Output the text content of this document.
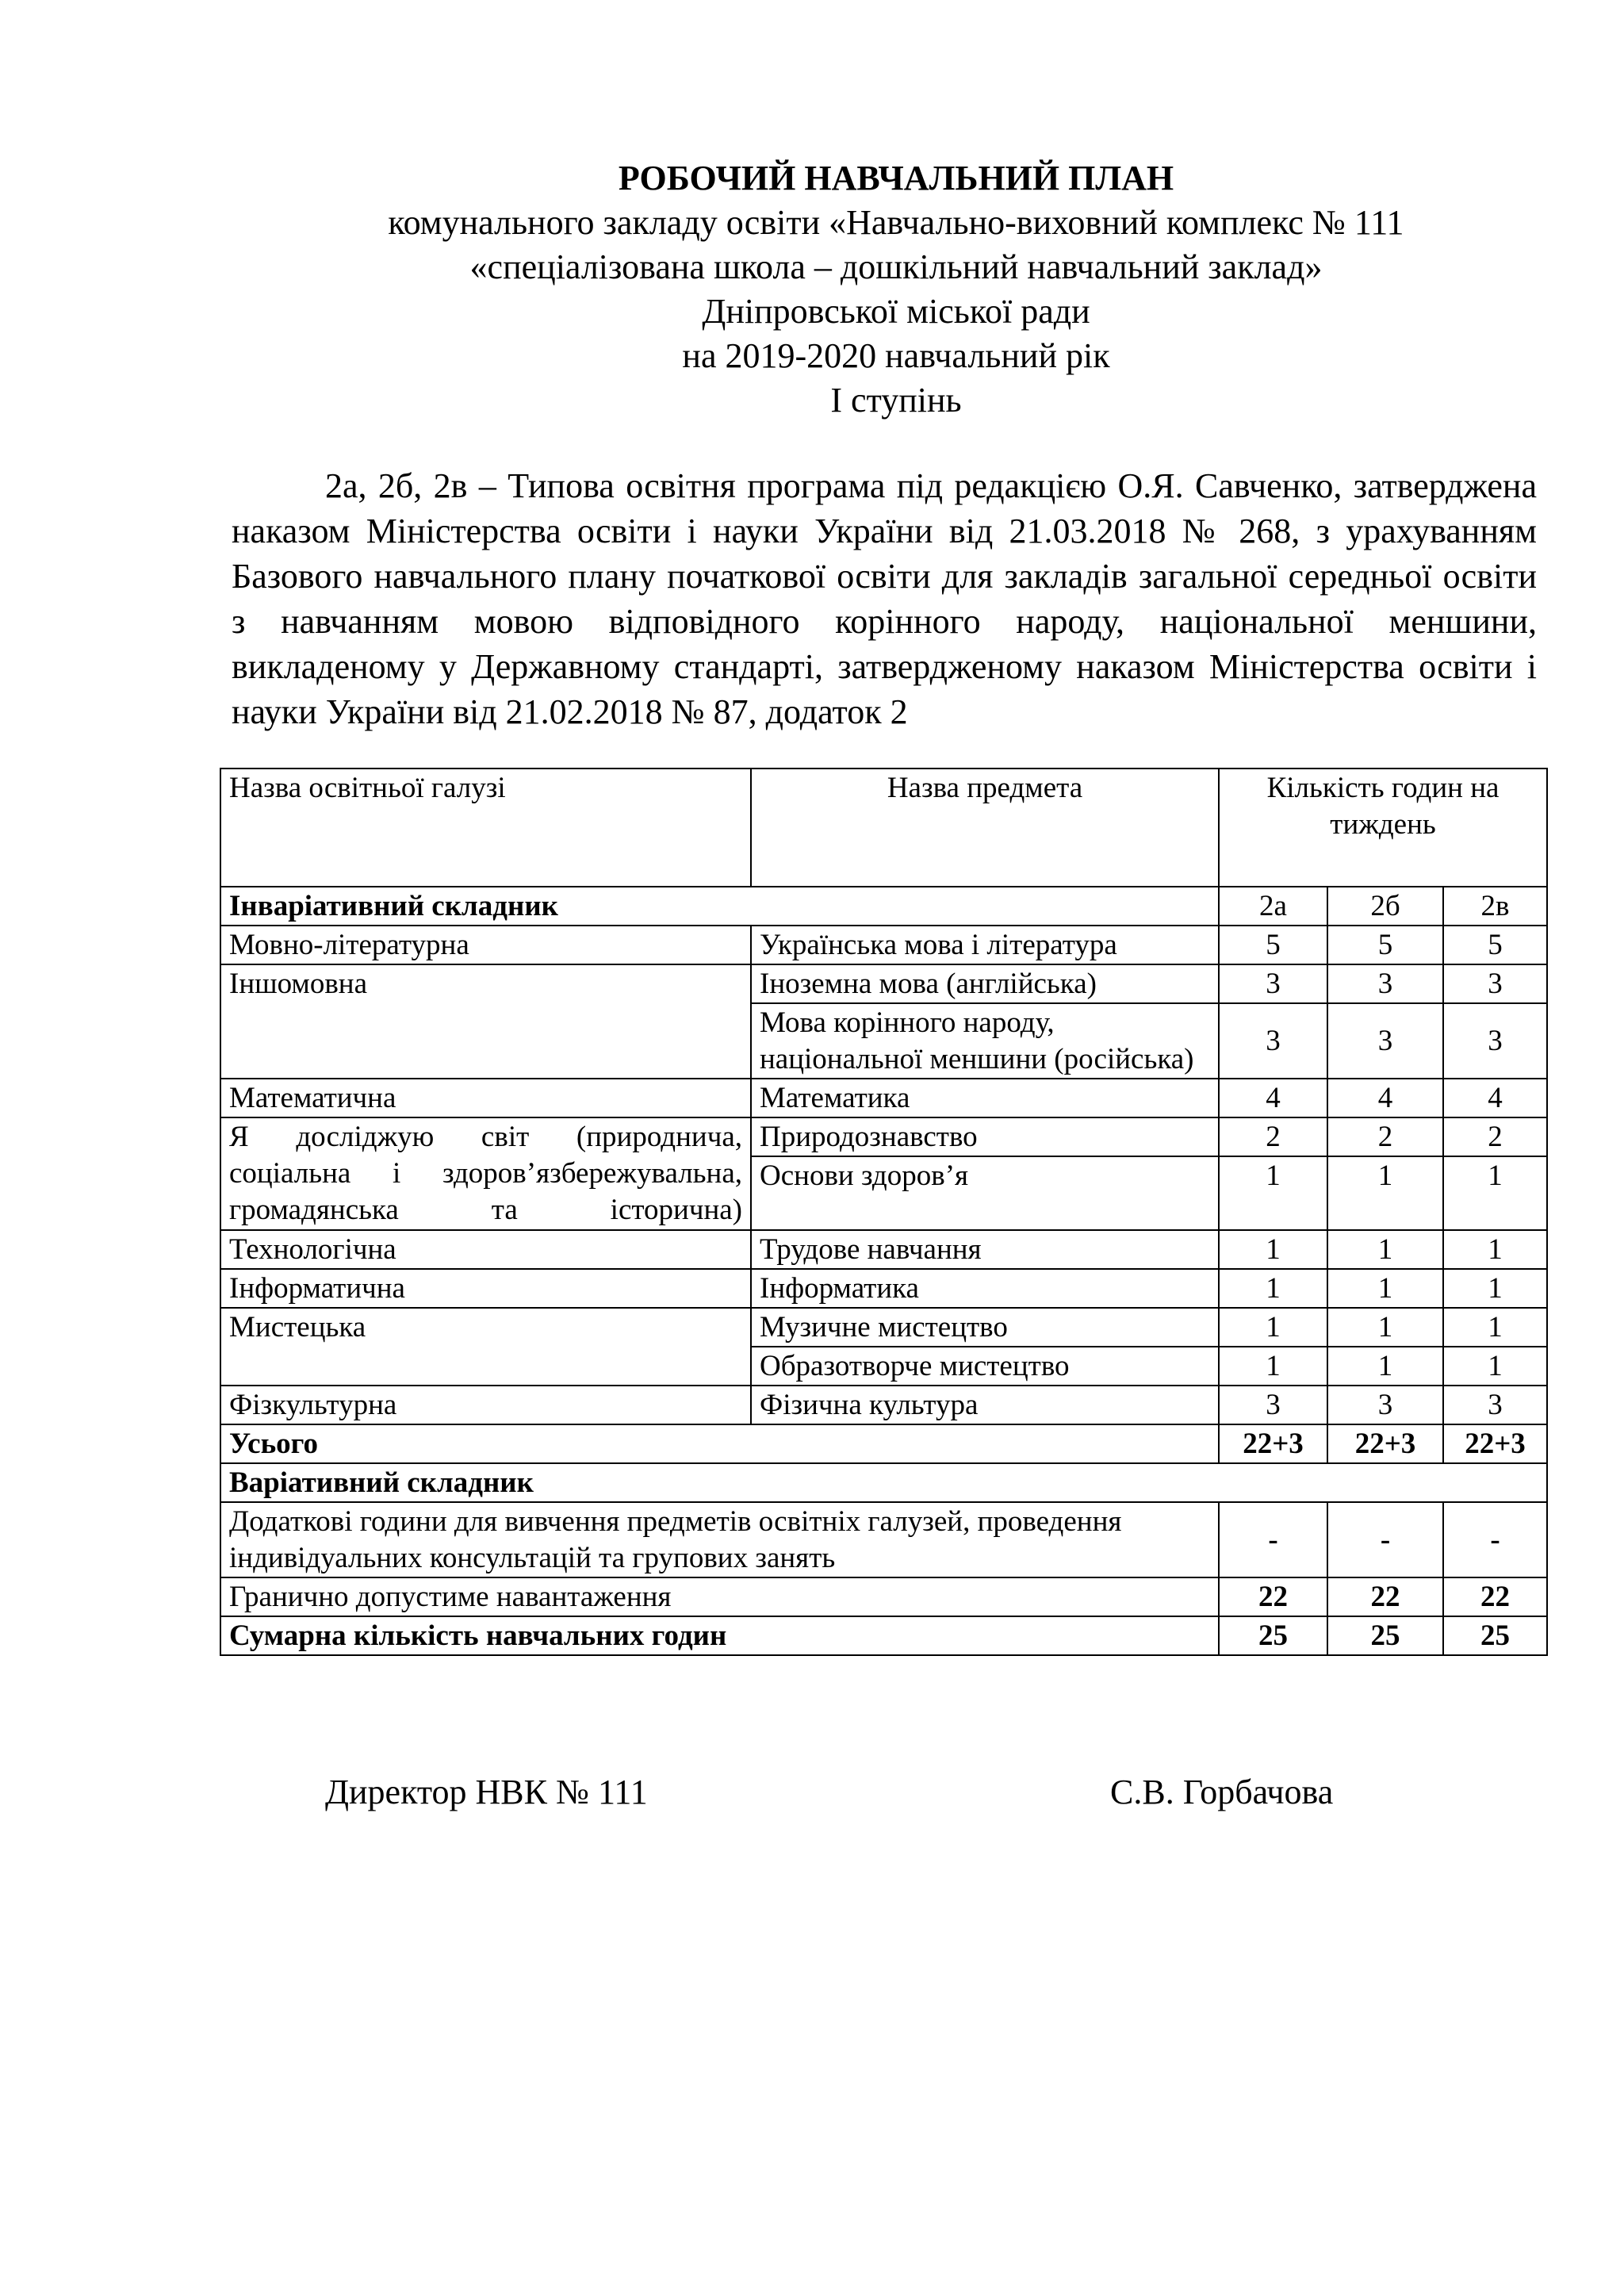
РОБОЧИЙ НАВЧАЛЬНИЙ ПЛАН
комунального закладу освіти «Навчально-виховний комплекс № 111
«спеціалізована школа – дошкільний навчальний заклад»
Дніпровської міської ради
на 2019-2020 навчальний рік
І ступінь
2а, 2б, 2в – Типова освітня програма під редакцією О.Я. Савченко, затверджена наказом Міністерства освіти і науки України від 21.03.2018 № 268, з урахуванням Базового навчального плану початкової освіти для закладів загальної середньої освіти з навчанням мовою відповідного корінного народу, національної меншини, викладеному у Державному стандарті, затвердженому наказом Міністерства освіти і науки України від 21.02.2018 № 87, додаток 2
Назва освітньої галузі	Назва предмета	Кількість годин на тиждень		
Інваріативний складник		2а	2б	2в
Мовно-літературна	Українська мова і література	5	5	5
Іншомовна	Іноземна мова (англійська)	3	3	3
	Мова корінного народу, національної меншини (російська)	3	3	3
Математична	Математика	4	4	4
Я досліджую світ (природнича, соціальна і здоров’язбережувальна, громадянська та історична)	Природознавство	2	2	2
	Основи здоров’я	1	1	1
Технологічна	Трудове навчання	1	1	1
Інформатична	Інформатика	1	1	1
Мистецька	Музичне мистецтво	1	1	1
	Образотворче мистецтво	1	1	1
Фізкультурна	Фізична культура	3	3	3
Усього		22+3	22+3	22+3
Варіативний складник				
Додаткові години для вивчення предметів освітніх галузей, проведення індивідуальних консультацій та групових занять		-	-	-
Гранично допустиме навантаження		22	22	22
Сумарна кількість навчальних годин		25	25	25
Директор НВК № 111	С.В. Горбачова
